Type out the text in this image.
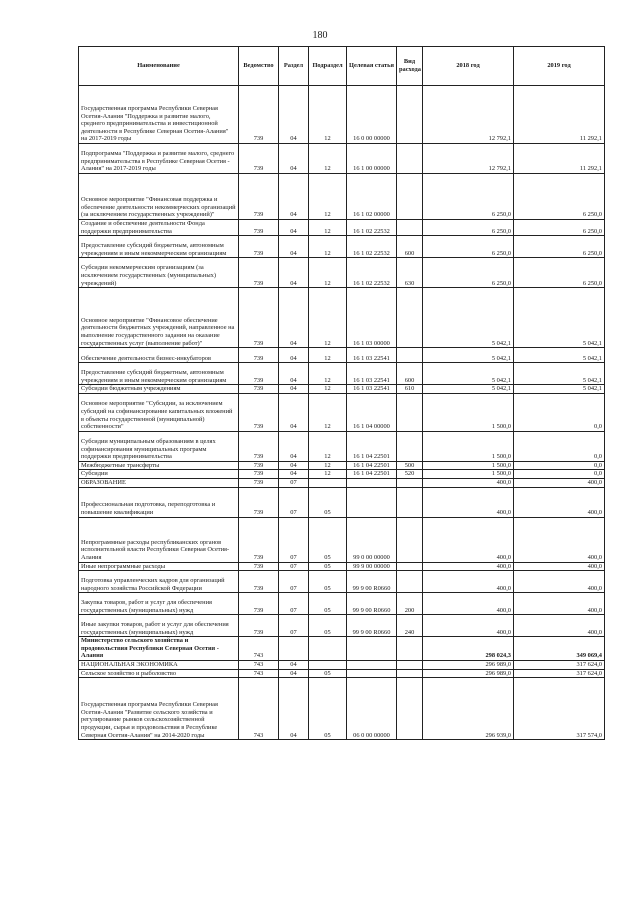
180
Наименование	Ведомство	Раздел	Подраздел	Целевая статья	Вид расхода	2018 год	2019 год
Государственная программа Республики Северная Осетия-Алания "Поддержка и развитие малого, среднего предпринимательства и инвестиционной деятельности в Республике Северная Осетия-Алания" на 2017-2019 годы	739	04	12	16 0 00 00000		12 792,1	11 292,1
Подпрограмма "Поддержка и развитие малого, среднего предпринимательства в Республике Северная Осетия - Алания" на 2017-2019 годы	739	04	12	16 1 00 00000		12 792,1	11 292,1
Основное мероприятие "Финансовая поддержка и обеспечение деятельности некоммерческих организаций (за исключением государственных учреждений)"	739	04	12	16 1 02 00000		6 250,0	6 250,0
Создание и обеспечение деятельности Фонда поддержки предпринимательства	739	04	12	16 1 02 22532		6 250,0	6 250,0
Предоставление субсидий бюджетным, автономным учреждениям и иным некоммерческим организациям	739	04	12	16 1 02 22532	600	6 250,0	6 250,0
Субсидии некоммерческим организациям (за исключением государственных (муниципальных) учреждений)	739	04	12	16 1 02 22532	630	6 250,0	6 250,0
Основное мероприятие "Финансовое обеспечение деятельности бюджетных учреждений, направленное на выполнение государственного задания на оказание государственных услуг (выполнение работ)"	739	04	12	16 1 03 00000		5 042,1	5 042,1
Обеспечение деятельности бизнес-инкубаторов	739	04	12	16 1 03 22541		5 042,1	5 042,1
Предоставление субсидий бюджетным, автономным учреждениям и иным некоммерческим организациям	739	04	12	16 1 03 22541	600	5 042,1	5 042,1
Субсидии бюджетным учреждениям	739	04	12	16 1 03 22541	610	5 042,1	5 042,1
Основное мероприятие "Субсидии, за исключением субсидий на софинансирование капитальных вложений в объекты государственной (муниципальной) собственности"	739	04	12	16 1 04 00000		1 500,0	0,0
Субсидии муниципальным образованиям в целях софинансирования муниципальных программ поддержки предпринимательства	739	04	12	16 1 04 22501		1 500,0	0,0
Межбюджетные трансферты	739	04	12	16 1 04 22501	500	1 500,0	0,0
Субсидии	739	04	12	16 1 04 22501	520	1 500,0	0,0
ОБРАЗОВАНИЕ	739	07				400,0	400,0
Профессиональная подготовка, переподготовка и повышение квалификации	739	07	05			400,0	400,0
Непрограммные расходы республиканских органов исполнительной власти Республики Северная Осетия-Алания	739	07	05	99 0 00 00000		400,0	400,0
Иные непрограммные расходы	739	07	05	99 9 00 00000		400,0	400,0
Подготовка управленческих кадров для организаций народного хозяйства Российской Федерации	739	07	05	99 9 00 R0660		400,0	400,0
Закупка товаров, работ и услуг для обеспечения государственных (муниципальных) нужд	739	07	05	99 9 00 R0660	200	400,0	400,0
Иные закупки товаров, работ и услуг для обеспечения государственных (муниципальных) нужд	739	07	05	99 9 00 R0660	240	400,0	400,0
Министерство сельского хозяйства и продовольствия Республики Северная Осетия - Алания	743					298 024,3	349 069,4
НАЦИОНАЛЬНАЯ ЭКОНОМИКА	743	04				296 989,0	317 624,0
Сельское хозяйство и рыболовство	743	04	05			296 989,0	317 624,0
Государственная программа Республики Северная Осетия-Алания "Развитие сельского хозяйства и регулирование рынков сельскохозяйственной продукции, сырья и продовольствия в Республике Северная Осетия-Алания" на 2014-2020 годы	743	04	05	06 0 00 00000		296 939,0	317 574,0
